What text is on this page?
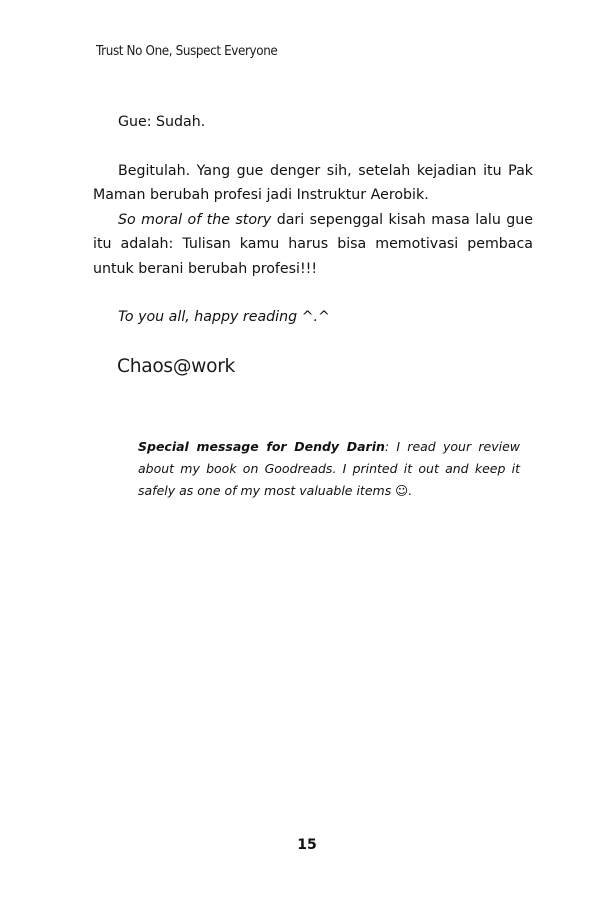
Trust No One, Suspect Everyone

Gue: Sudah.

Begitulah. Yang gue denger sih, setelah kejadian itu Pak Maman berubah profesi jadi Instruktur Aerobik.

So moral of the story dari sepenggal kisah masa lalu gue itu adalah: Tulisan kamu harus bisa memotivasi pembaca untuk berani berubah profesi!!!

To you all, happy reading ^.^

Chaos@work
Special message for Dendy Darin: I read your review about my book on Goodreads. I printed it out and keep it safely as one of my most valuable items ☺.
15
